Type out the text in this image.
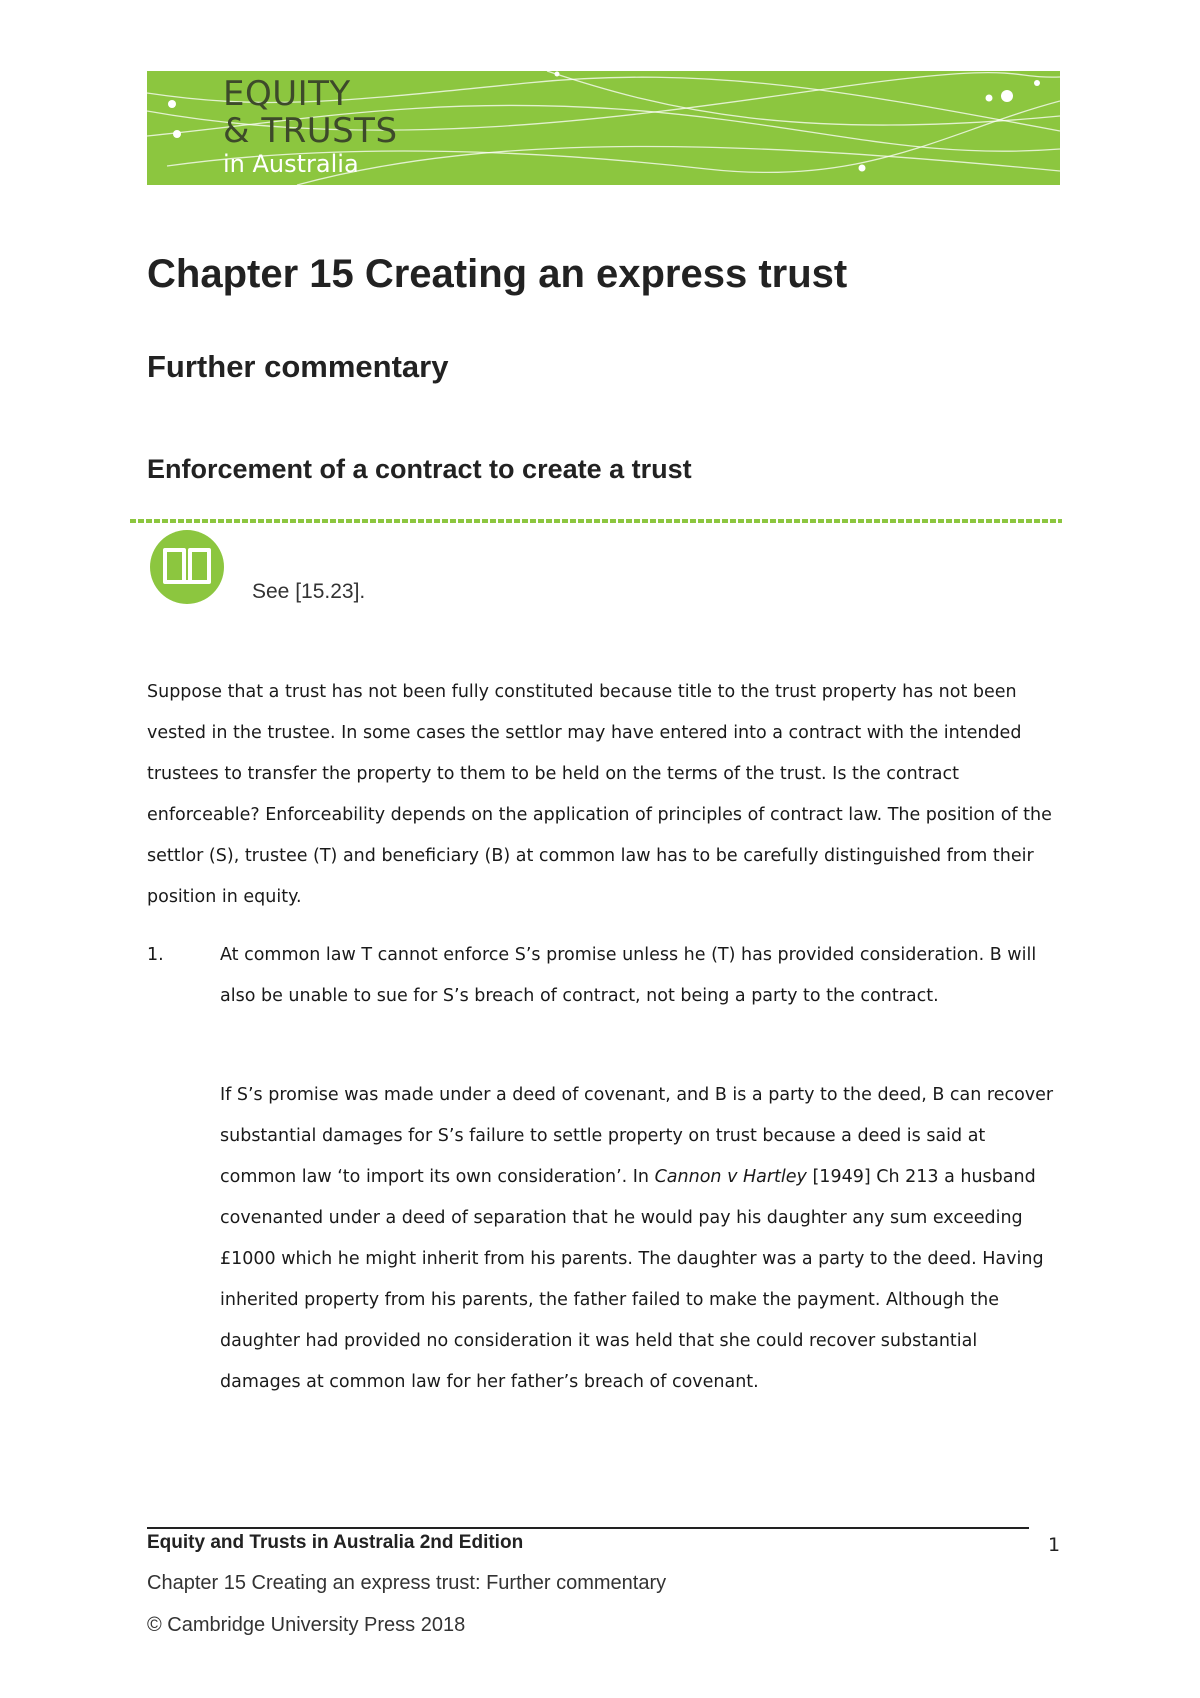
EQUITY
& TRUSTS
in Australia
Chapter 15 Creating an express trust
Further commentary
Enforcement of a contract to create a trust
See [15.23].

Suppose that a trust has not been fully constituted because title to the trust property has not been vested in the trustee. In some cases the settlor may have entered into a contract with the intended trustees to transfer the property to them to be held on the terms of the trust. Is the contract enforceable? Enforceability depends on the application of principles of contract law. The position of the settlor (S), trustee (T) and beneficiary (B) at common law has to be carefully distinguished from their position in equity.

1.	At common law T cannot enforce S’s promise unless he (T) has provided consideration. B will also be unable to sue for S’s breach of contract, not being a party to the contract.

If S’s promise was made under a deed of covenant, and B is a party to the deed, B can recover substantial damages for S’s failure to settle property on trust because a deed is said at common law ‘to import its own consideration’. In Cannon v Hartley [1949] Ch 213 a husband covenanted under a deed of separation that he would pay his daughter any sum exceeding £1000 which he might inherit from his parents. The daughter was a party to the deed. Having inherited property from his parents, the father failed to make the payment. Although the daughter had provided no consideration it was held that she could recover substantial damages at common law for her father’s breach of covenant.

Equity and Trusts in Australia 2nd Edition	1
Chapter 15 Creating an express trust: Further commentary
© Cambridge University Press 2018
